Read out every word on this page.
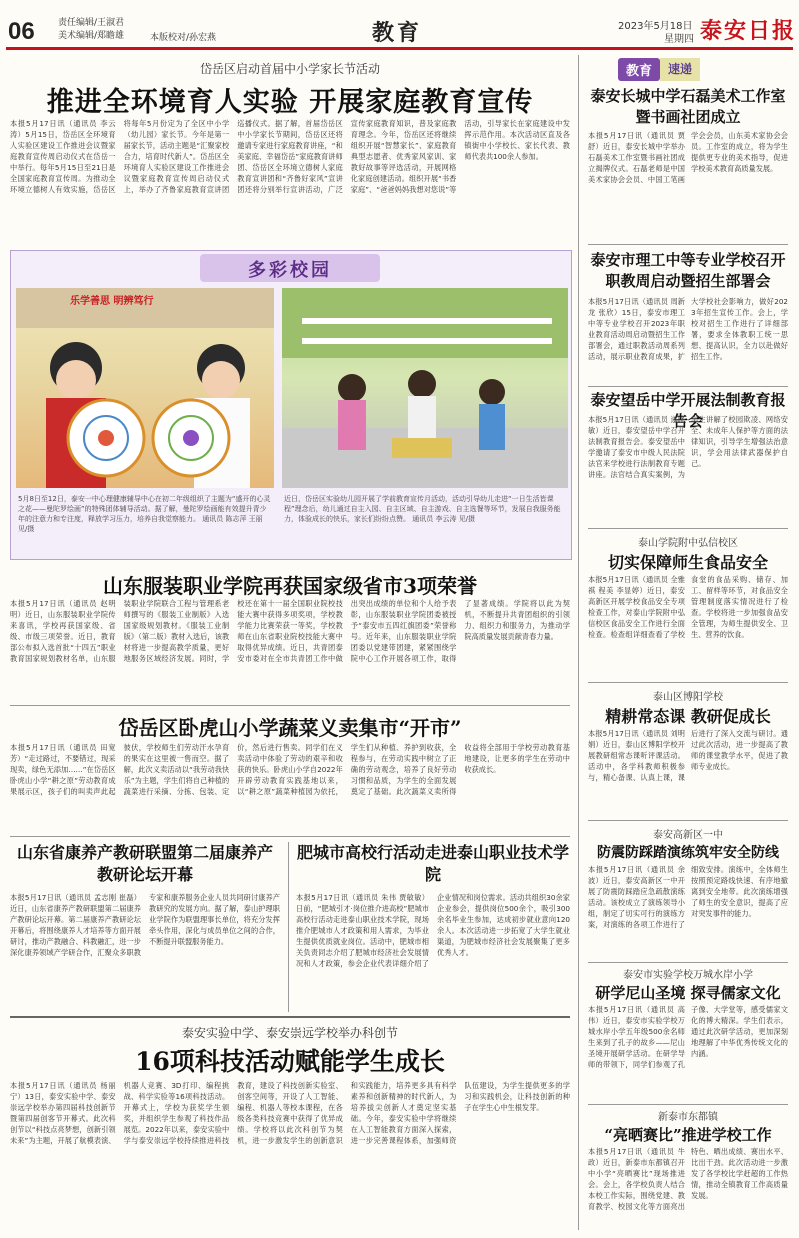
06	责任编辑/王淑君
美术编辑/郑瞻雄	本版校对/孙宏燕	教育	2023年5月18日
星期四 泰安日报
岱岳区启动首届中小学家长节活动
推进全环境育人实验 开展家庭教育宣传
本报5月17日讯（通讯员 李云涛）5月15日，岱岳区全环境育人实验区建设工作推进会议暨家庭教育宣传周启动仪式在岱岳一中举行。每年5月15日至21日是全国家庭教育宣传周。为推动全环境立德树人有效实施，岱岳区将每年5月份定为了全区中小学（幼儿园）家长节。今年是第一届家长节，活动主题是“汇聚家校合力，培育时代新人”。岱岳区全环境育人实验区建设工作推进会议暨家庭教育宣传周启动仪式上，举办了齐鲁家庭教育宣讲团巡播仪式。据了解，首届岱岳区中小学家长节期间，岱岳区还将邀请专家进行家庭教育讲座，“和美家庭、幸福岱岳”家庭教育讲师团、岱岳区全环境立德树人家庭教育宣讲团和“齐鲁好家风”宣讲团还将分别举行宣讲活动，广泛宣传家庭教育知识，普及家庭教育理念。今年，岱岳区还将继续组织开展“智慧家长”、家庭教育典型志愿者、优秀家风家训、家教好故事等评选活动，开展网格化家庭创建活动。组织开展“书香家庭”、“爸爸妈妈我想对您说”等活动，引导家长在家庭建设中发挥示范作用。本次活动区直及各镇街中小学校长、家长代表、教师代表共100余人参加。
多彩校园
乐学善思 明辨笃行
5月8日至12日，泰安一中心理健康辅导中心在初二年级组织了主题为“盛开的心灵之花——曼陀罗绘画”的特殊团体辅导活动。据了解，曼陀罗绘画能有效提升青少年的注意力和专注度，释放学习压力，培养自我觉察能力。 通讯员 陈志萍 王丽 见/摄
近日，岱岳区实验幼儿园开展了学前教育宣传月活动，活动引导幼儿走进“一日生活皆课程”理念后，幼儿通过自主入园、自主区域、自主游戏、自主选餐等环节，发展自我服务能力，体验成长的快乐，家长们纷纷点赞。 通讯员 李云涛 见/摄
山东服装职业学院再获国家级省市3项荣誉
本报5月17日讯（通讯员 赵明明）近日，山东服装职业学院传来喜讯，学校再获国家级、省级、市级三项荣誉。近日，教育部公布拟入选首批“十四五”职业教育国家规划教材名单，山东服装职业学院联合工程与管理系老师撰写的《服装工业制版》入选国家级规划教材。《服装工业制版》（第二版）教材入选后，该教材将进一步提高教学质量，更好地服务区域经济发展。同时，学校还在第十一届全国职业院校技能大赛中获得多项奖项，学校教学能力比赛荣获一等奖，学校教师在山东省职业院校技能大赛中取得优异成绩。近日，共青团泰安市委对在全市共青团工作中做出突出成绩的单位和个人给予表彰，山东服装职业学院团委被授予“泰安市五四红旗团委”荣誉称号。近年来，山东服装职业学院团委以党建带团建，紧紧围绕学院中心工作开展各项工作，取得了显著成绩。学院将以此为契机，不断提升共青团组织的引领力、组织力和服务力，为推动学院高质量发展贡献青春力量。
岱岳区卧虎山小学蔬菜义卖集市“开市”
本报5月17日讯（通讯员 田宽芳）“走过路过，不要错过，现采现卖，绿色无添加……”在岱岳区卧虎山小学“耕之原”劳动教育成果展示区，孩子们的叫卖声此起彼伏，学校师生们劳动汗水孕育的果实在这里被一售而空。据了解，此次义卖活动以“我劳动我快乐”为主题，学生们将自己种植的蔬菜进行采摘、分拣、包装、定价，然后进行售卖。同学们在义卖活动中体验了劳动的艰辛和收获的快乐。卧虎山小学自2022年开辟劳动教育实践基地以来，以“耕之原”蔬菜种植园为依托，学生们从种植、养护到收获，全程参与，在劳动实践中树立了正确的劳动观念，培养了良好劳动习惯和品质，为学生的全面发展奠定了基础。此次蔬菜义卖所得收益将全部用于学校劳动教育基地建设，让更多的学生在劳动中收获成长。
山东省康养产教研联盟第二届康养产教研论坛开幕
本报5月17日讯（通讯员 孟志刚 崔磊）近日，山东省康养产教研联盟第二届康养产教研论坛开幕。第二届康养产教研论坛开幕后，将围绕康养人才培养等方面开展研讨，推动产教融合、科教融汇，进一步深化康养领域产学研合作，汇聚众多职教专家和康养服务企业人员共同研讨康养产教研究的发展方向。据了解，泰山护理职业学院作为联盟理事长单位，将充分发挥牵头作用，深化与成员单位之间的合作，不断提升联盟服务能力。
肥城市高校行活动走进泰山职业技术学院
本报5月17日讯（通讯员 朱伟 贾敏敏）日前，“肥城引才·岗位推介进高校”肥城市高校行活动走进泰山职业技术学院，现场推介肥城市人才政策和用人需求，为毕业生提供优质就业岗位。活动中，肥城市相关负责同志介绍了肥城市经济社会发展情况和人才政策，参会企业代表详细介绍了企业情况和岗位需求。活动共组织30余家企业参会，提供岗位500余个，吸引300余名毕业生参加，达成初步就业意向120余人。本次活动进一步拓宽了大学生就业渠道，为肥城市经济社会发展聚集了更多优秀人才。
泰安实验中学、泰安崇远学校举办科创节
16项科技活动赋能学生成长
本报5月17日讯（通讯员 杨丽宁）13日，泰安实验中学、泰安崇远学校举办第四届科技创新节暨第四届创客节开幕式。此次科创节以“科技点亮梦想，创新引领未来”为主题，开展了航模表演、机器人竞赛、3D打印、编程挑战、科学实验等16项科技活动。开幕式上，学校为获奖学生颁奖，并组织学生参观了科技作品展览。2022年以来，泰安实验中学与泰安崇远学校持续推进科技教育，建设了科技创新实验室、创客空间等，开设了人工智能、编程、机器人等校本课程，在各级各类科技竞赛中获得了优异成绩。学校将以此次科创节为契机，进一步激发学生的创新意识和实践能力，培养更多具有科学素养和创新精神的时代新人，为培养拔尖创新人才奠定坚实基础。今年，泰安实验中学将继续在人工智能教育方面深入探索，进一步完善课程体系，加强师资队伍建设，为学生提供更多的学习和实践机会，让科技创新的种子在学生心中生根发芽。
教育	速递
泰安长城中学石磊美术工作室暨书画社团成立
本报5月17日讯（通讯员 贾舒）近日，泰安长城中学举办石磊美术工作室暨书画社团成立揭牌仪式。石磊老师是中国美术家协会会员、中国工笔画学会会员，山东美术家协会会员。工作室的成立，将为学生提供更专业的美术指导，促进学校美术教育高质量发展。
泰安市理工中等专业学校召开职教周启动暨招生部署会
本报5月17日讯（通讯员 周新龙 张欣）15日，泰安市理工中等专业学校召开2023年职业教育活动周启动暨招生工作部署会，通过职教活动周系列活动，展示职业教育成果，扩大学校社会影响力，做好2023年招生宣传工作。会上，学校对招生工作进行了详细部署，要求全体教职工统一思想、提高认识，全力以赴做好招生工作。
泰安望岳中学开展法制教育报告会
本报5月17日讯（通讯员 遂晓敏）近日，泰安望岳中学召开法制教育报告会。泰安望岳中学邀请了泰安市中级人民法院法官来学校进行法制教育专题讲座。法官结合真实案例，为学生讲解了校园欺凌、网络安全、未成年人保护等方面的法律知识，引导学生增强法治意识，学会用法律武器保护自己。
泰山学院附中弘信校区
切实保障师生食品安全
本报5月17日讯（通讯员 全雅祺 程美 李显婷）近日，泰安高新区开展学校食品安全专项检查工作，对泰山学院附中弘信校区食品安全工作进行全面检查。检查组详细查看了学校食堂的食品采购、储存、加工、留样等环节，对食品安全管理制度落实情况进行了检查。学校将进一步加强食品安全管理，为师生提供安全、卫生、营养的饮食。
泰山区博阳学校
精耕常态课 教研促成长
本报5月17日讯（通讯员 刘明娟）近日，泰山区博阳学校开展教研组常态课听评课活动。活动中，各学科教师积极参与，精心备课、认真上课，课后进行了深入交流与研讨。通过此次活动，进一步提高了教师的课堂教学水平，促进了教师专业成长。
泰安高新区一中
防震防踩踏演练筑牢安全防线
本报5月17日讯（通讯员 余波）近日，泰安高新区一中开展了防震防踩踏应急疏散演练活动。该校成立了演练领导小组，制定了切实可行的演练方案，对演练的各项工作进行了细致安排。演练中，全体师生按照预定路线快速、有序地撤离到安全地带。此次演练增强了师生的安全意识，提高了应对突发事件的能力。
泰安市实验学校万城水岸小学
研学尼山圣境 探寻儒家文化
本报5月17日讯（通讯员 高伟）近日，泰安市实验学校万城水岸小学五年级500余名师生来到了孔子的故乡——尼山圣境开展研学活动。在研学导师的带领下，同学们参观了孔子像、大学堂等，感受儒家文化的博大精深。学生们表示，通过此次研学活动，更加深刻地理解了中华优秀传统文化的内涵。
新泰市东都镇
“亮晒赛比”推进学校工作
本报5月17日讯（通讯员 牛政）近日，新泰市东都镇召开中小学“亮晒赛比”现场推进会。会上，各学校负责人结合本校工作实际，围绕党建、教育教学、校园文化等方面亮出特色、晒出成绩、赛出水平、比出干劲。此次活动进一步激发了各学校比学赶超的工作热情，推动全镇教育工作高质量发展。
